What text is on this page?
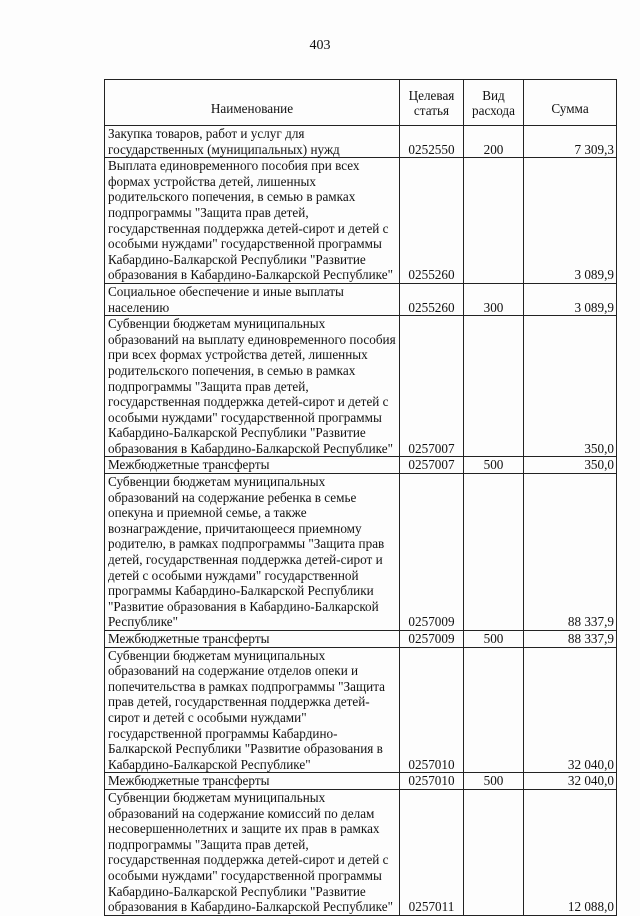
403
Наименование	Целевая статья	Вид расхода	Сумма
Закупка товаров, работ и услуг для государственных (муниципальных) нужд	0252550	200	7 309,3
Выплата единовременного пособия при всех формах устройства детей, лишенных родительского попечения, в семью в рамках подпрограммы "Защита прав детей, государственная поддержка детей-сирот и детей с особыми нуждами" государственной программы Кабардино-Балкарской Республики "Развитие образования в Кабардино-Балкарской Республике"	0255260		3 089,9
Социальное обеспечение и иные выплаты населению	0255260	300	3 089,9
Субвенции бюджетам муниципальных образований на выплату единовременного пособия при всех формах устройства детей, лишенных родительского попечения, в семью в рамках подпрограммы "Защита прав детей, государственная поддержка детей-сирот и детей с особыми нуждами" государственной программы Кабардино-Балкарской Республики "Развитие образования в Кабардино-Балкарской Республике"	0257007		350,0
Межбюджетные трансферты	0257007	500	350,0
Субвенции бюджетам муниципальных образований на содержание ребенка в семье опекуна и приемной семье, а также вознаграждение, причитающееся приемному родителю, в рамках подпрограммы "Защита прав детей, государственная поддержка детей-сирот и детей с особыми нуждами" государственной программы Кабардино-Балкарской Республики "Развитие образования в Кабардино-Балкарской Республике"	0257009		88 337,9
Межбюджетные трансферты	0257009	500	88 337,9
Субвенции бюджетам муниципальных образований на содержание отделов опеки и попечительства в рамках подпрограммы "Защита прав детей, государственная поддержка детей-сирот и детей с особыми нуждами" государственной программы Кабардино-Балкарской Республики "Развитие образования в Кабардино-Балкарской Республике"	0257010		32 040,0
Межбюджетные трансферты	0257010	500	32 040,0
Субвенции бюджетам муниципальных образований на содержание комиссий по делам несовершеннолетних и защите их прав в рамках подпрограммы "Защита прав детей, государственная поддержка детей-сирот и детей с особыми нуждами" государственной программы Кабардино-Балкарской Республики "Развитие образования в Кабардино-Балкарской Республике"	0257011		12 088,0
